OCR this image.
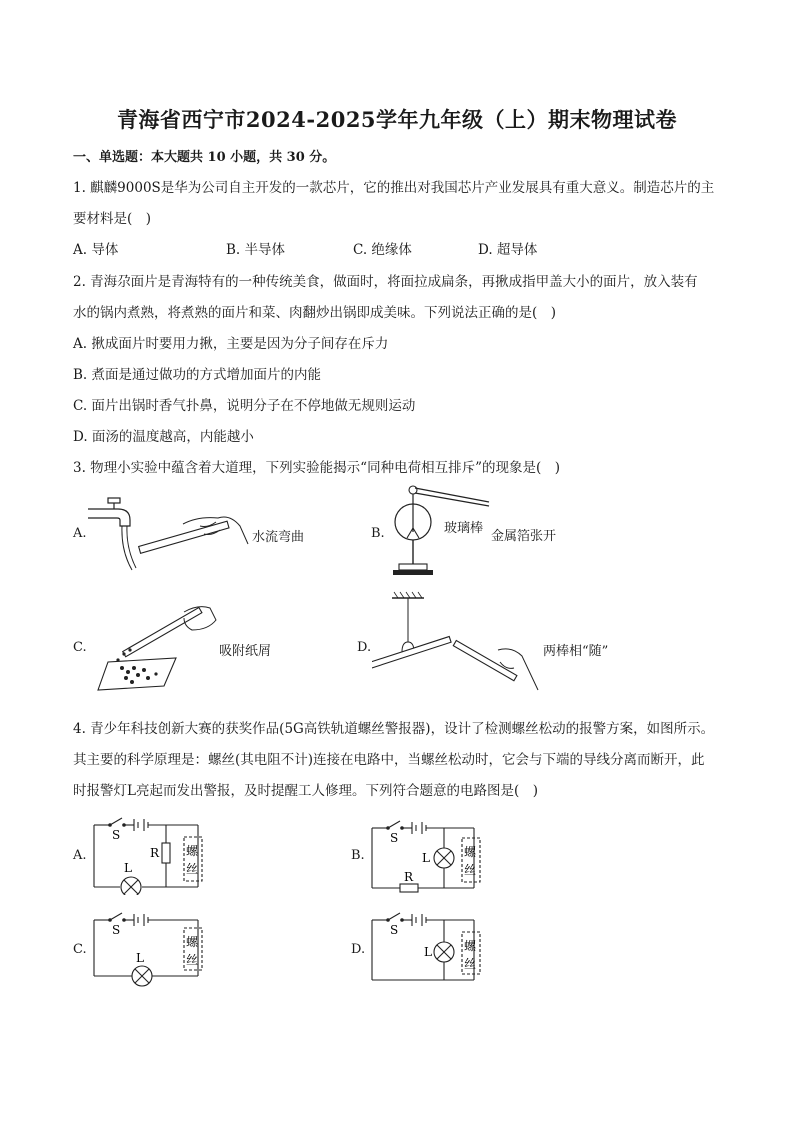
青海省西宁市2024-2025学年九年级（上）期末物理试卷
一、单选题：本大题共 10 小题，共 30 分。
1. 麒麟9000S是华为公司自主开发的一款芯片，它的推出对我国芯片产业发展具有重大意义。制造芯片的主
要材料是(　)
A. 导体	B. 半导体	C. 绝缘体	D. 超导体
2. 青海尕面片是青海特有的一种传统美食，做面时，将面拉成扁条，再揪成指甲盖大小的面片，放入装有
水的锅内煮熟，将煮熟的面片和菜、肉翻炒出锅即成美味。下列说法正确的是(　)
A. 揪成面片时要用力揪，主要是因为分子间存在斥力
B. 煮面是通过做功的方式增加面片的内能
C. 面片出锅时香气扑鼻，说明分子在不停地做无规则运动
D. 面汤的温度越高，内能越小
3. 物理小实验中蕴含着大道理，下列实验能揭示“同种电荷相互排斥”的现象是(　)
A.	水流弯曲	B.	玻璃棒
金属箔张开
C.	吸附纸屑	D.	两棒相“随”
4. 青少年科技创新大赛的获奖作品(5G高铁轨道螺丝警报器)，设计了检测螺丝松动的报警方案，如图所示。
其主要的科学原理是：螺丝(其电阻不计)连接在电路中，当螺丝松动时，它会与下端的导线分离而断开，此
时报警灯L亮起而发出警报，及时提醒工人修理。下列符合题意的电路图是(　)
A.
S
R
L
螺
丝
B.
S
R
L	螺
丝
C.
S
L
螺
丝
D.
S
L	螺
丝
